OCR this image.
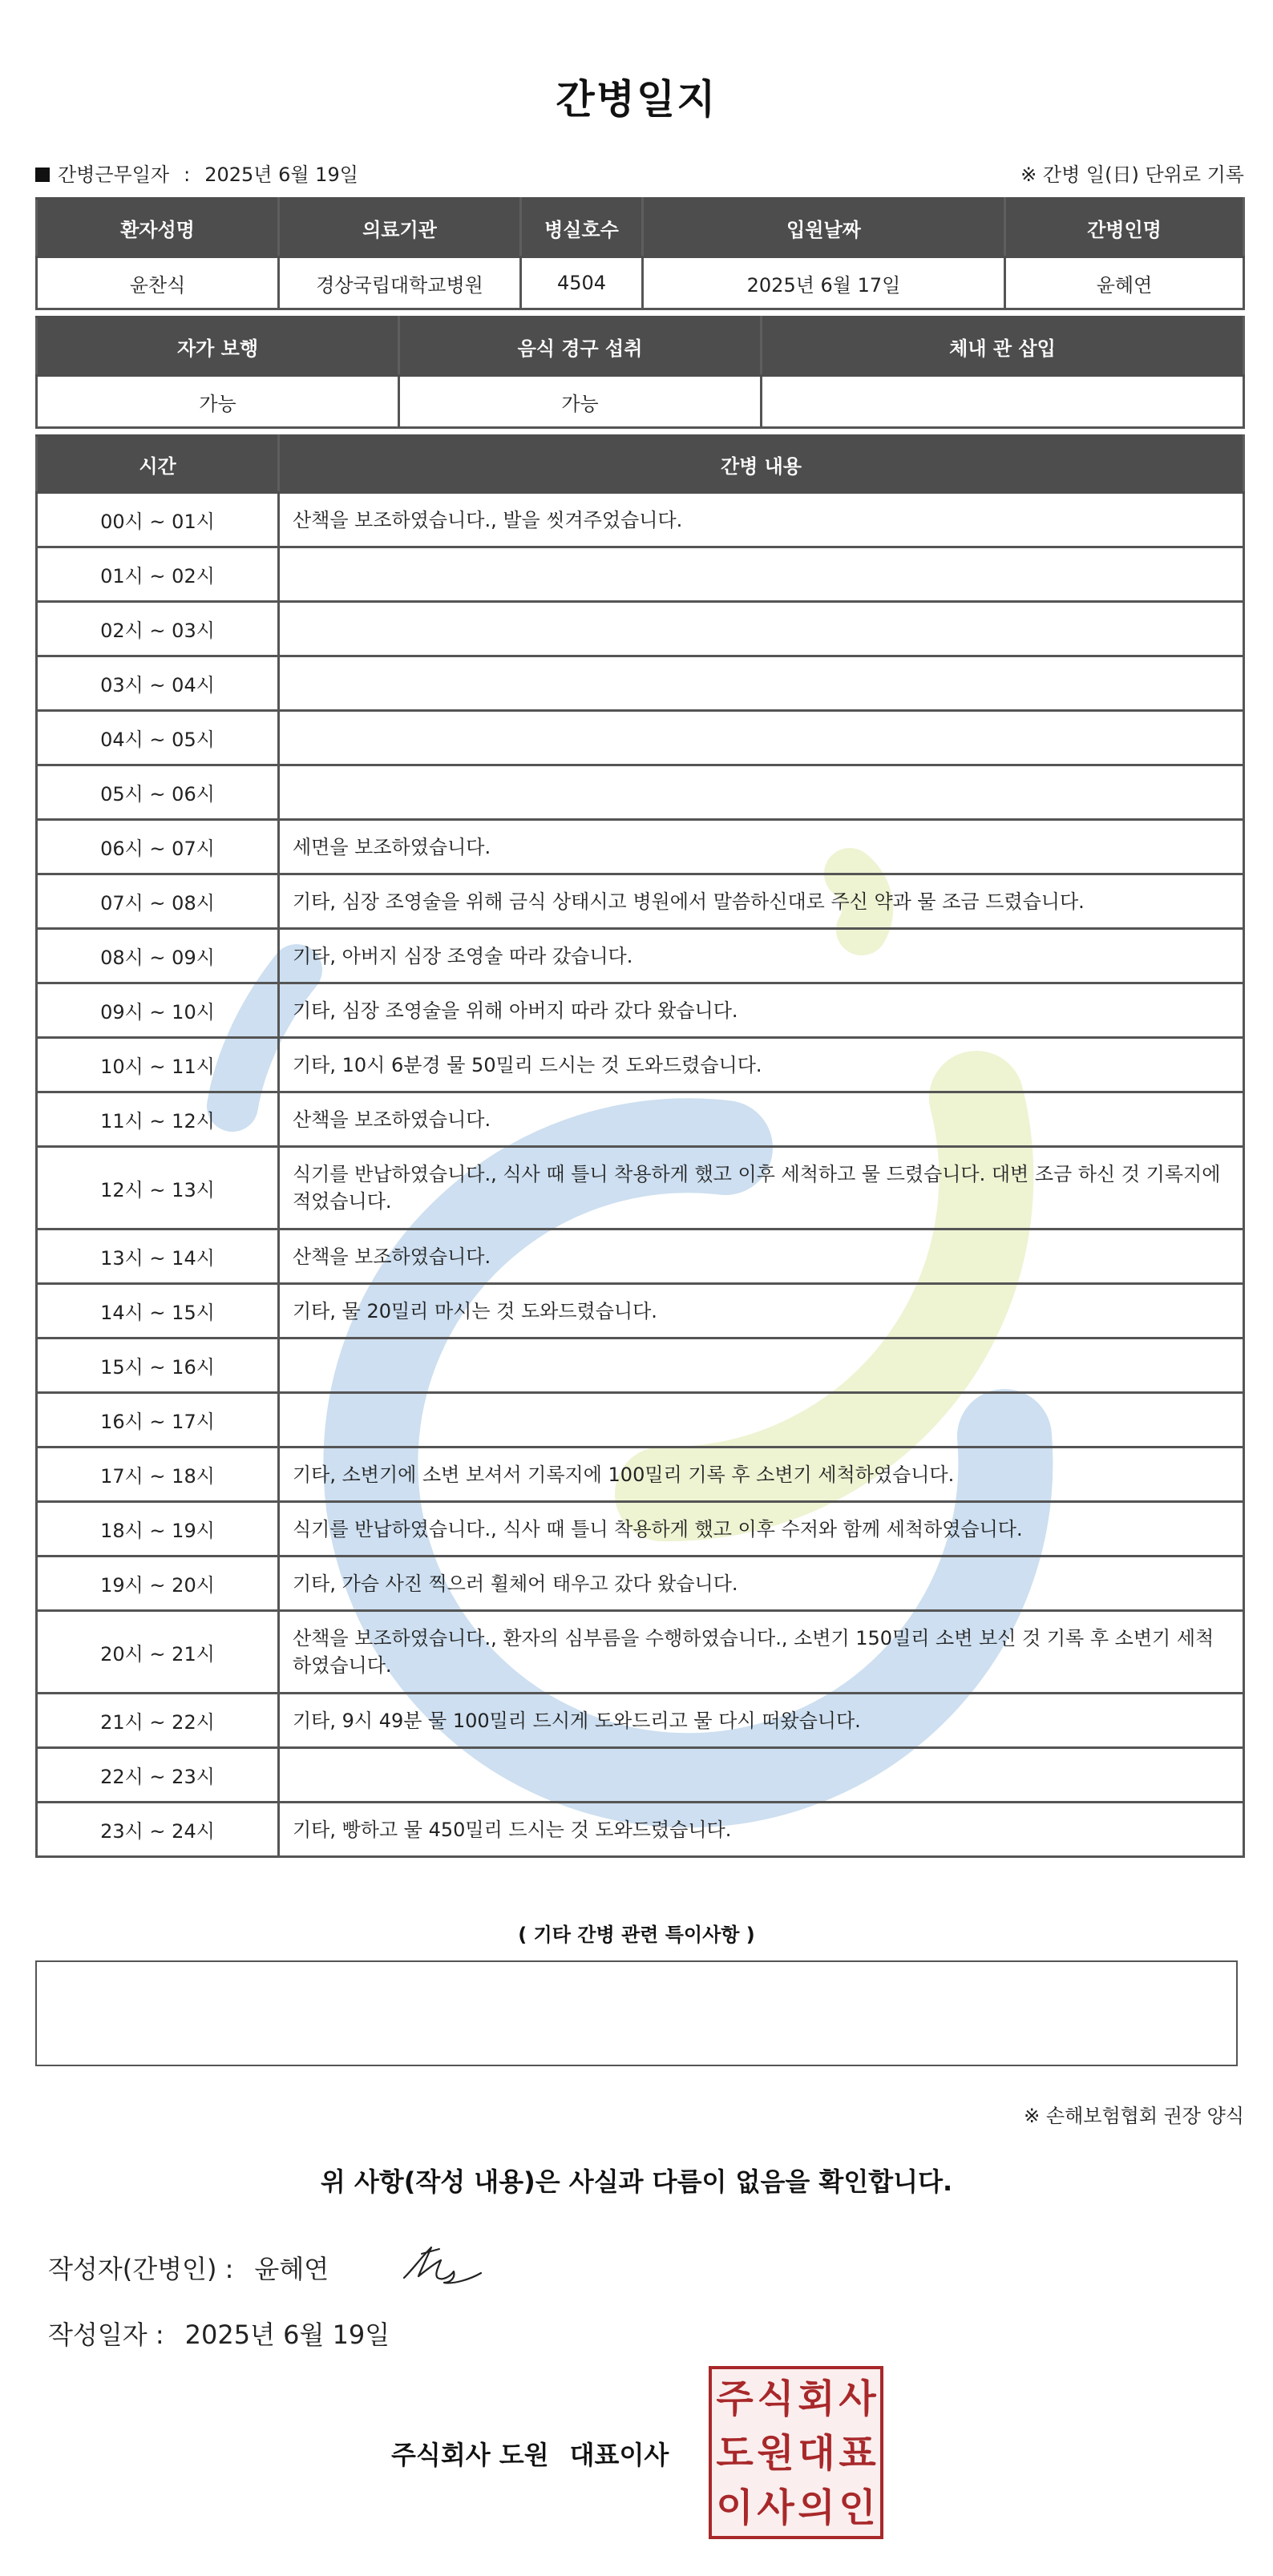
간병일지
간병근무일자 : 2025년 6월 19일	※ 간병 일(日) 단위로 기록
환자성명	의료기관	병실호수	입원날짜	간병인명
윤찬식	경상국립대학교병원	4504	2025년 6월 17일	윤혜연
자가 보행	음식 경구 섭취	체내 관 삽입
가능	가능	
시간	간병 내용
00시 ~ 01시	산책을 보조하였습니다., 발을 씻겨주었습니다.
01시 ~ 02시	
02시 ~ 03시	
03시 ~ 04시	
04시 ~ 05시	
05시 ~ 06시	
06시 ~ 07시	세면을 보조하였습니다.
07시 ~ 08시	기타, 심장 조영술을 위해 금식 상태시고 병원에서 말씀하신대로 주신 약과 물 조금 드렸습니다.
08시 ~ 09시	기타, 아버지 심장 조영술 따라 갔습니다.
09시 ~ 10시	기타, 심장 조영술을 위해 아버지 따라 갔다 왔습니다.
10시 ~ 11시	기타, 10시 6분경 물 50밀리 드시는 것 도와드렸습니다.
11시 ~ 12시	산책을 보조하였습니다.
12시 ~ 13시	식기를 반납하였습니다., 식사 때 틀니 착용하게 했고 이후 세척하고 물 드렸습니다. 대변 조금 하신 것 기록지에 적었습니다.
13시 ~ 14시	산책을 보조하였습니다.
14시 ~ 15시	기타, 물 20밀리 마시는 것 도와드렸습니다.
15시 ~ 16시	
16시 ~ 17시	
17시 ~ 18시	기타, 소변기에 소변 보셔서 기록지에 100밀리 기록 후 소변기 세척하였습니다.
18시 ~ 19시	식기를 반납하였습니다., 식사 때 틀니 착용하게 했고 이후 수저와 함께 세척하였습니다.
19시 ~ 20시	기타, 가슴 사진 찍으러 휠체어 태우고 갔다 왔습니다.
20시 ~ 21시	산책을 보조하였습니다., 환자의 심부름을 수행하였습니다., 소변기 150밀리 소변 보신 것 기록 후 소변기 세척하였습니다.
21시 ~ 22시	기타, 9시 49분 물 100밀리 드시게 도와드리고 물 다시 떠왔습니다.
22시 ~ 23시	
23시 ~ 24시	기타, 빵하고 물 450밀리 드시는 것 도와드렸습니다.
( 기타 간병 관련 특이사항 )
※ 손해보험협회 권장 양식
위 사항(작성 내용)은 사실과 다름이 없음을 확인합니다.
작성자(간병인) : 윤혜연
작성일자 : 2025년 6월 19일
주식회사 도원 대표이사
주 식 회 사
도 원 대 표
이 사 의 인
